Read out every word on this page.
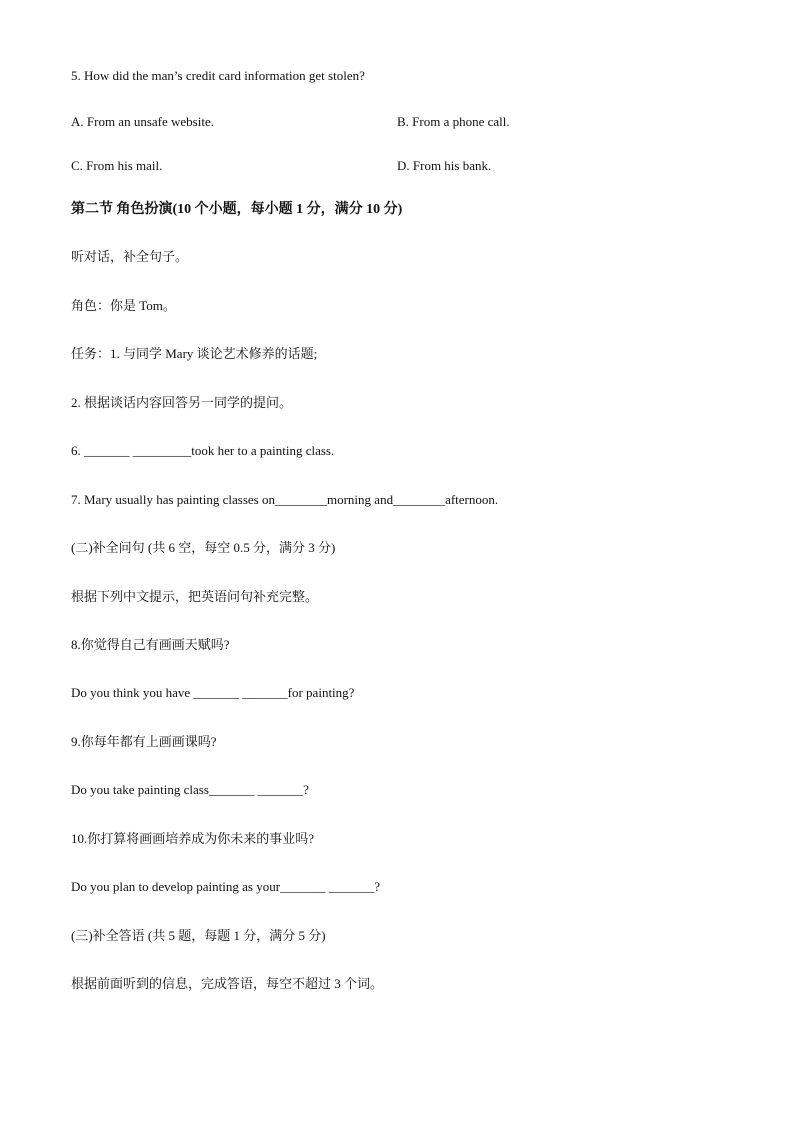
5. How did the man’s credit card information get stolen?
A. From an unsafe website.	B. From a phone call.
C. From his mail.	D. From his bank.
第二节 角色扮演(10 个小题，每小题 1 分，满分 10 分)
听对话，补全句子。
角色：你是 Tom。
任务：1. 与同学 Mary 谈论艺术修养的话题;
2. 根据谈话内容回答另一同学的提问。
6. _______ _________took her to a painting class.
7. Mary usually has painting classes on________morning and________afternoon.
(二)补全问句 (共 6 空，每空 0.5 分，满分 3 分)
根据下列中文提示，把英语问句补充完整。
8.你觉得自己有画画天赋吗?
Do you think you have _______ _______for painting?
9.你每年都有上画画课吗?
Do you take painting class_______ _______?
10.你打算将画画培养成为你未来的事业吗?
Do you plan to develop painting as your_______ _______?
(三)补全答语 (共 5 题，每题 1 分，满分 5 分)
根据前面听到的信息，完成答语，每空不超过 3 个词。
